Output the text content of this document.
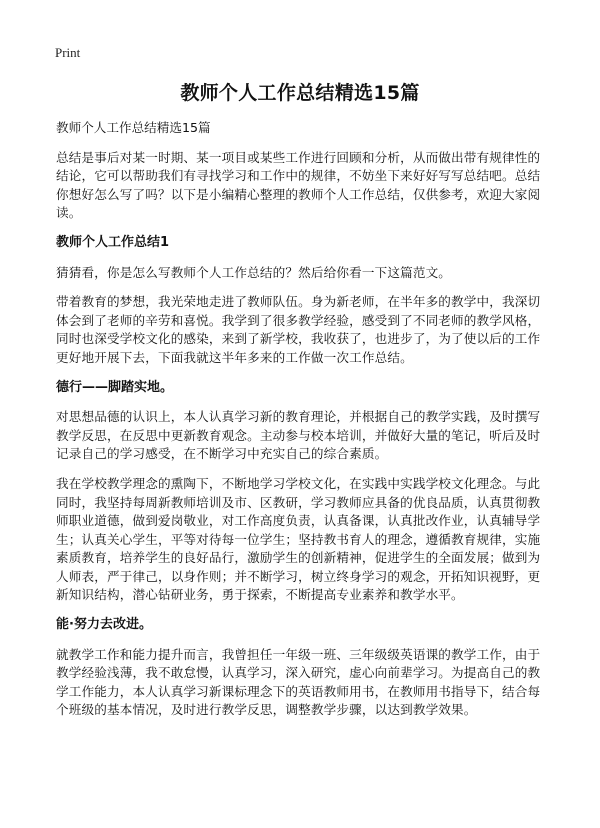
Print
教师个人工作总结精选15篇

教师个人工作总结精选15篇

总结是事后对某一时期、某一项目或某些工作进行回顾和分析，从而做出带有规律性的结论，它可以帮助我们有寻找学习和工作中的规律，不妨坐下来好好写写总结吧。总结你想好怎么写了吗？以下是小编精心整理的教师个人工作总结，仅供参考，欢迎大家阅读。

教师个人工作总结1

猜猜看，你是怎么写教师个人工作总结的？然后给你看一下这篇范文。

带着教育的梦想，我光荣地走进了教师队伍。身为新老师，在半年多的教学中，我深切体会到了老师的辛劳和喜悦。我学到了很多教学经验，感受到了不同老师的教学风格，同时也深受学校文化的感染，来到了新学校，我收获了，也进步了，为了使以后的工作更好地开展下去，下面我就这半年多来的工作做一次工作总结。

德行——脚踏实地。

对思想品德的认识上，本人认真学习新的教育理论，并根据自己的教学实践，及时撰写教学反思，在反思中更新教育观念。主动参与校本培训，并做好大量的笔记，听后及时记录自己的学习感受，在不断学习中充实自己的综合素质。

我在学校教学理念的熏陶下，不断地学习学校文化，在实践中实践学校文化理念。与此同时，我坚持每周新教师培训及市、区教研，学习教师应具备的优良品质，认真贯彻教师职业道德，做到爱岗敬业，对工作高度负责，认真备课，认真批改作业，认真辅导学生；认真关心学生，平等对待每一位学生；坚持教书育人的理念，遵循教育规律，实施素质教育，培养学生的良好品行，激励学生的创新精神，促进学生的全面发展；做到为人师表，严于律己，以身作则；并不断学习，树立终身学习的观念，开拓知识视野，更新知识结构，潜心钻研业务，勇于探索，不断提高专业素养和教学水平。

能·努力去改进。

就教学工作和能力提升而言，我曾担任一年级一班、三年级级英语课的教学工作，由于教学经验浅薄，我不敢怠慢，认真学习，深入研究，虚心向前辈学习。为提高自己的教学工作能力，本人认真学习新课标理念下的英语教师用书，在教师用书指导下，结合每个班级的基本情况，及时进行教学反思，调整教学步骤，以达到教学效果。
